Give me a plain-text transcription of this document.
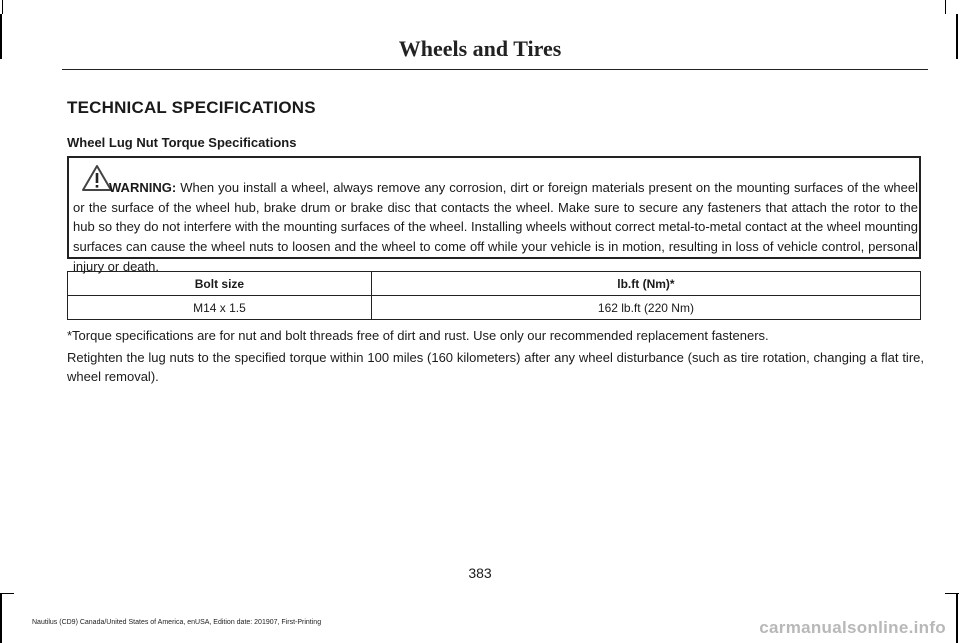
Wheels and Tires
TECHNICAL SPECIFICATIONS
Wheel Lug Nut Torque Specifications
WARNING: When you install a wheel, always remove any corrosion, dirt or foreign materials present on the mounting surfaces of the wheel or the surface of the wheel hub, brake drum or brake disc that contacts the wheel. Make sure to secure any fasteners that attach the rotor to the hub so they do not interfere with the mounting surfaces of the wheel. Installing wheels without correct metal-to-metal contact at the wheel mounting surfaces can cause the wheel nuts to loosen and the wheel to come off while your vehicle is in motion, resulting in loss of vehicle control, personal injury or death.
Bolt size	lb.ft (Nm)*
M14 x 1.5	162 lb.ft (220 Nm)
*Torque specifications are for nut and bolt threads free of dirt and rust. Use only our recommended replacement fasteners.
Retighten the lug nuts to the specified torque within 100 miles (160 kilometers) after any wheel disturbance (such as tire rotation, changing a flat tire, wheel removal).
383
Nautilus (CD9) Canada/United States of America, enUSA, Edition date: 201907, First-Printing	carmanualsonline.info
